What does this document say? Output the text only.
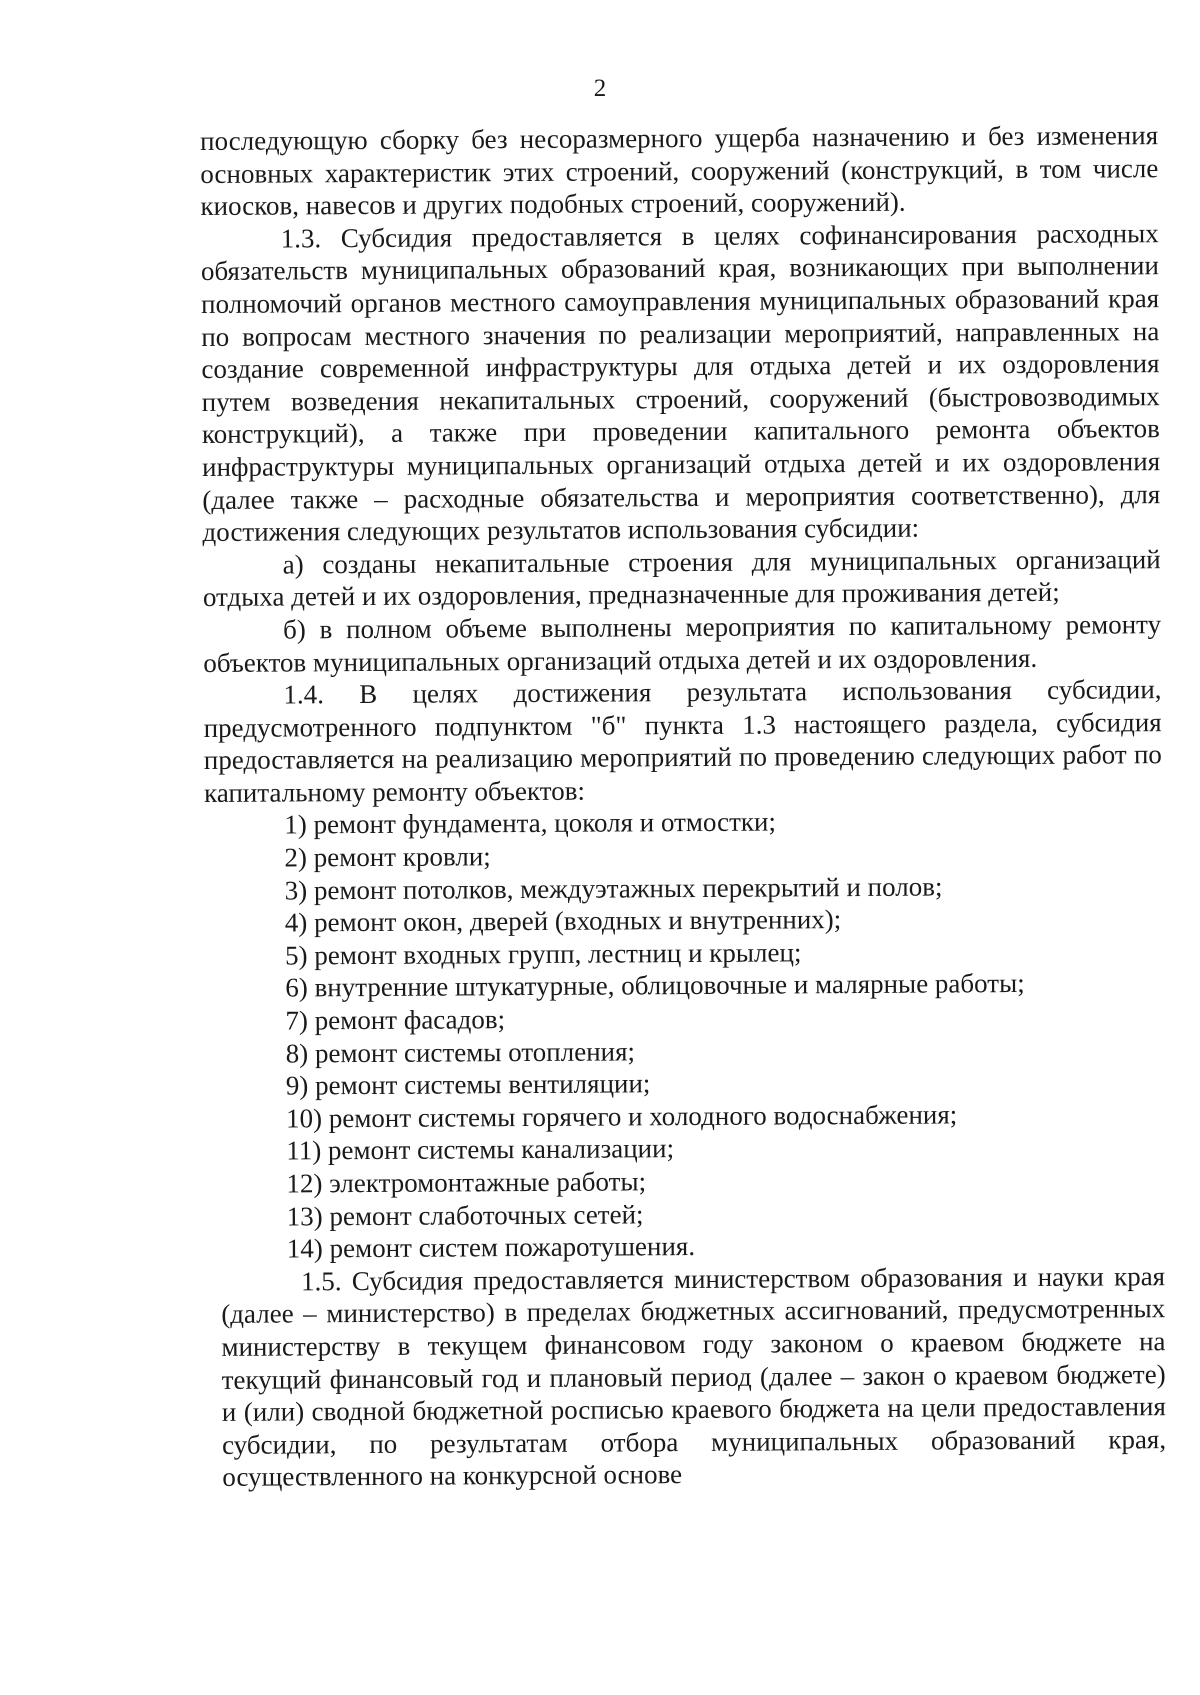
2

последующую сборку без несоразмерного ущерба назначению и без изменения основных характеристик этих строений, сооружений (конструкций, в том числе киосков, навесов и других подобных строений, сооружений).

1.3. Субсидия предоставляется в целях софинансирования расходных обязательств муниципальных образований края, возникающих при выполнении полномочий органов местного самоуправления муниципальных образований края по вопросам местного значения по реализации мероприятий, направленных на создание современной инфраструктуры для отдыха детей и их оздоровления путем возведения некапитальных строений, сооружений (быстровозводимых конструкций), а также при проведении капитального ремонта объектов инфраструктуры муниципальных организаций отдыха детей и их оздоровления (далее также – расходные обязательства и мероприятия соответственно), для достижения следующих результатов использования субсидии:

а) созданы некапитальные строения для муниципальных организаций отдыха детей и их оздоровления, предназначенные для проживания детей;

б) в полном объеме выполнены мероприятия по капитальному ремонту объектов муниципальных организаций отдыха детей и их оздоровления.

1.4. В целях достижения результата использования субсидии, предусмотренного подпунктом "б" пункта 1.3 настоящего раздела, субсидия предоставляется на реализацию мероприятий по проведению следующих работ по капитальному ремонту объектов:

1) ремонт фундамента, цоколя и отмостки;

2) ремонт кровли;

3) ремонт потолков, междуэтажных перекрытий и полов;

4) ремонт окон, дверей (входных и внутренних);

5) ремонт входных групп, лестниц и крылец;

6) внутренние штукатурные, облицовочные и малярные работы;

7) ремонт фасадов;

8) ремонт системы отопления;

9) ремонт системы вентиляции;

10) ремонт системы горячего и холодного водоснабжения;

11) ремонт системы канализации;

12) электромонтажные работы;

13) ремонт слаботочных сетей;

14) ремонт систем пожаротушения.

1.5. Субсидия предоставляется министерством образования и науки края (далее – министерство) в пределах бюджетных ассигнований, предусмотренных министерству в текущем финансовом году законом о краевом бюджете на текущий финансовый год и плановый период (далее – закон о краевом бюджете) и (или) сводной бюджетной росписью краевого бюджета на цели предоставления субсидии, по результатам отбора муниципальных образований края, осуществленного на конкурсной основе
